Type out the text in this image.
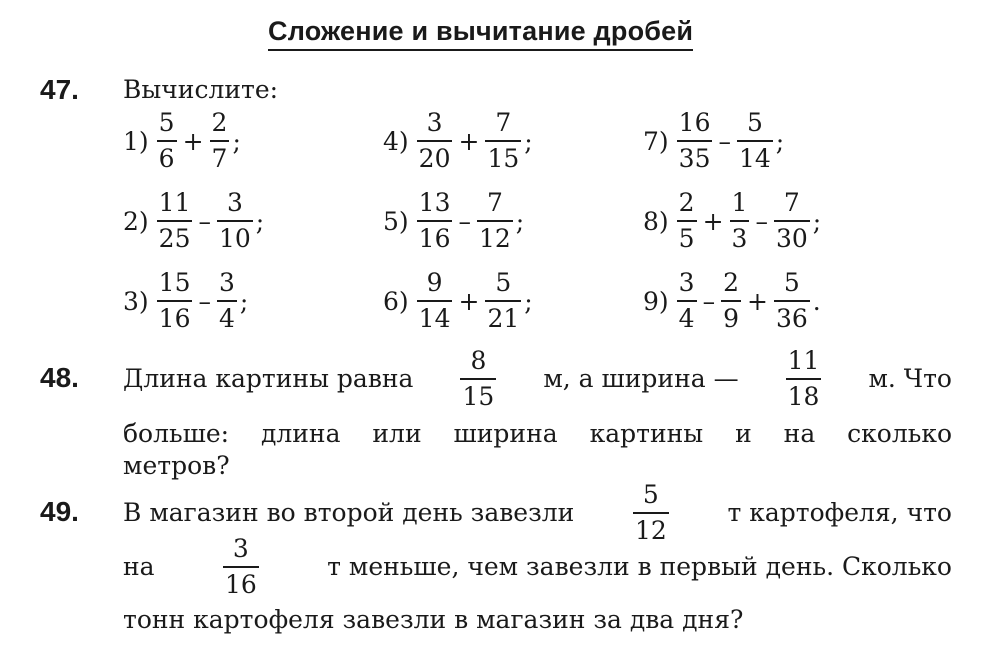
Сложение и вычитание дробей
47. Вычислите:
$1) \frac{5}{6} + \frac{2}{7}$ ;
$2) \frac{11}{25} - \frac{3}{10}$ ;
$3) \frac{15}{16} - \frac{3}{4}$ ;
$4) \frac{3}{20} + \frac{7}{15}$ ;
$5) \frac{13}{16} - \frac{7}{12}$ ;
$6) \frac{9}{14} + \frac{5}{21}$ ;
$7) \frac{16}{35} - \frac{5}{14}$ ;
$8) \frac{2}{5} + \frac{1}{3} - \frac{7}{30}$ ;
$9) \frac{3}{4} - \frac{2}{9} + \frac{5}{36}$ .
48. Длина картины равна $\frac{8}{15} м$, а ширина — $\frac{11}{18} м$. Что
больше: длина или ширина картины и на сколько
метров?
49. В магазин во второй день завезли $\frac{5}{12}$ т картофеля, что
на	$\frac{3}{16}$	т меньше, чем завезли в первый день. Сколько
тонн картофеля завезли в магазин за два дня?
